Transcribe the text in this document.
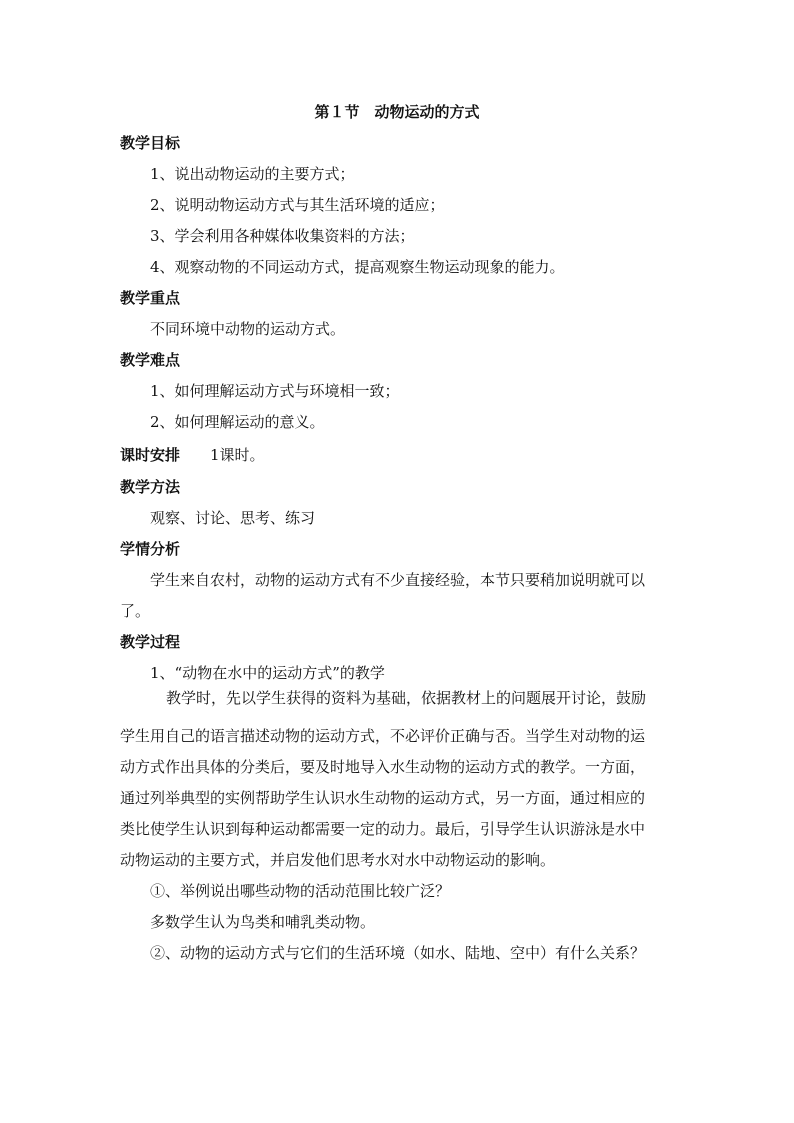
第１节　动物运动的方式
教学目标
1、说出动物运动的主要方式；
2、说明动物运动方式与其生活环境的适应；
3、学会利用各种媒体收集资料的方法；
4、观察动物的不同运动方式，提高观察生物运动现象的能力。
教学重点
不同环境中动物的运动方式。
教学难点
1、如何理解运动方式与环境相一致；
2、如何理解运动的意义。
课时安排 1课时。
教学方法
观察、讨论、思考、练习
学情分析
学生来自农村，动物的运动方式有不少直接经验，本节只要稍加说明就可以
了。
教学过程
1、“动物在水中的运动方式”的教学
教学时，先以学生获得的资料为基础，依据教材上的问题展开讨论，鼓励
学生用自己的语言描述动物的运动方式，不必评价正确与否。当学生对动物的运
动方式作出具体的分类后，要及时地导入水生动物的运动方式的教学。一方面，
通过列举典型的实例帮助学生认识水生动物的运动方式，另一方面，通过相应的
类比使学生认识到每种运动都需要一定的动力。最后，引导学生认识游泳是水中
动物运动的主要方式，并启发他们思考水对水中动物运动的影响。
①、举例说出哪些动物的活动范围比较广泛？
多数学生认为鸟类和哺乳类动物。
②、动物的运动方式与它们的生活环境（如水、陆地、空中）有什么关系？
